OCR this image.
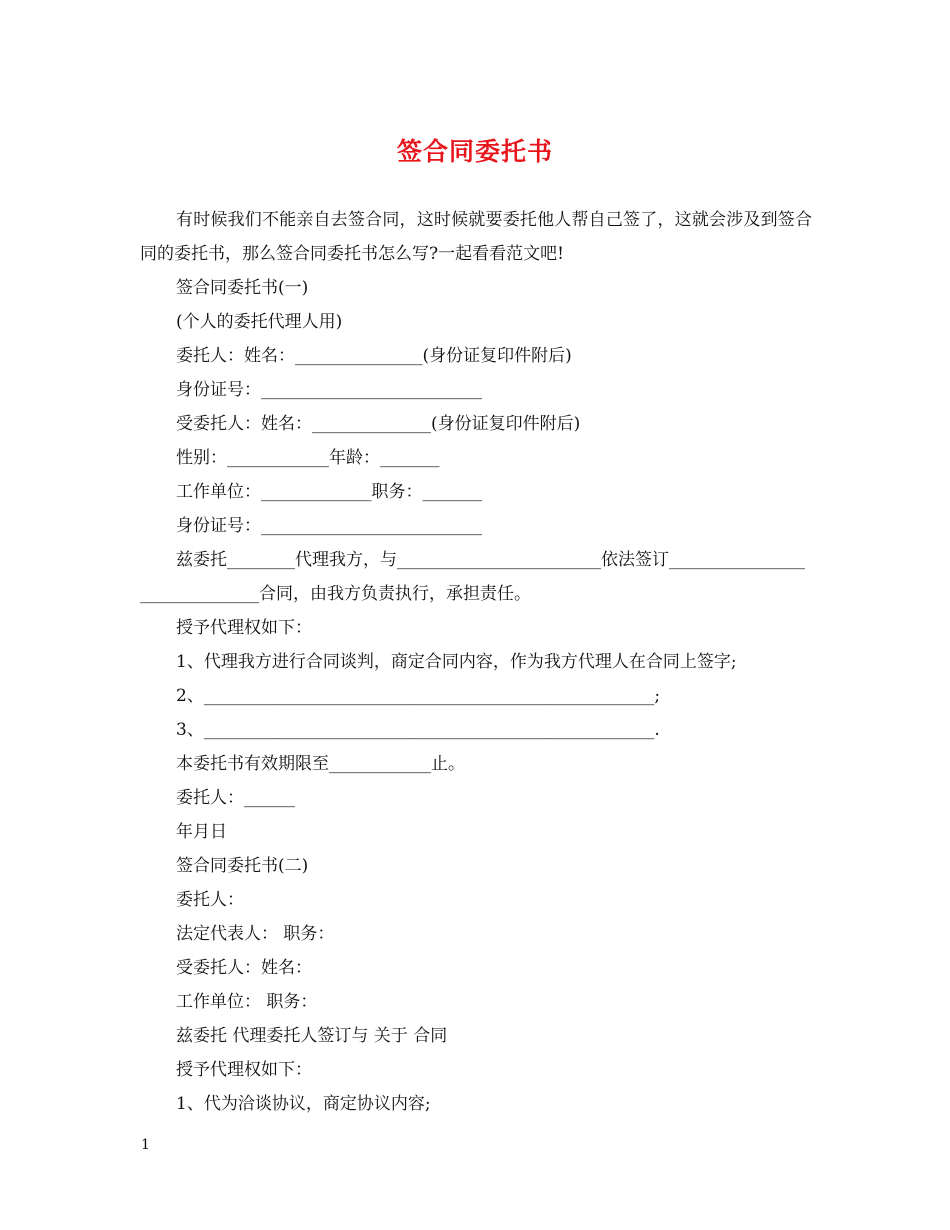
签合同委托书

有时候我们不能亲自去签合同，这时候就要委托他人帮自己签了，这就会涉及到签合同的委托书，那么签合同委托书怎么写?一起看看范文吧!

签合同委托书(一)

(个人的委托代理人用)

委托人：姓名：_______________(身份证复印件附后)

身份证号：__________________________

受委托人：姓名：______________(身份证复印件附后)

性别：____________年龄：_______

工作单位：_____________职务：_______

身份证号：__________________________

兹委托________代理我方，与________________________依法签订______________________________合同，由我方负责执行，承担责任。

授予代理权如下：

1、代理我方进行合同谈判，商定合同内容，作为我方代理人在合同上签字;

2、_____________________________________________________;

3、_____________________________________________________.

本委托书有效期限至____________止。

委托人：______

年月日

签合同委托书(二)

委托人：

法定代表人： 职务：

受委托人：姓名：

工作单位： 职务：

兹委托 代理委托人签订与 关于 合同

授予代理权如下：

1、代为洽谈协议，商定协议内容;

1
